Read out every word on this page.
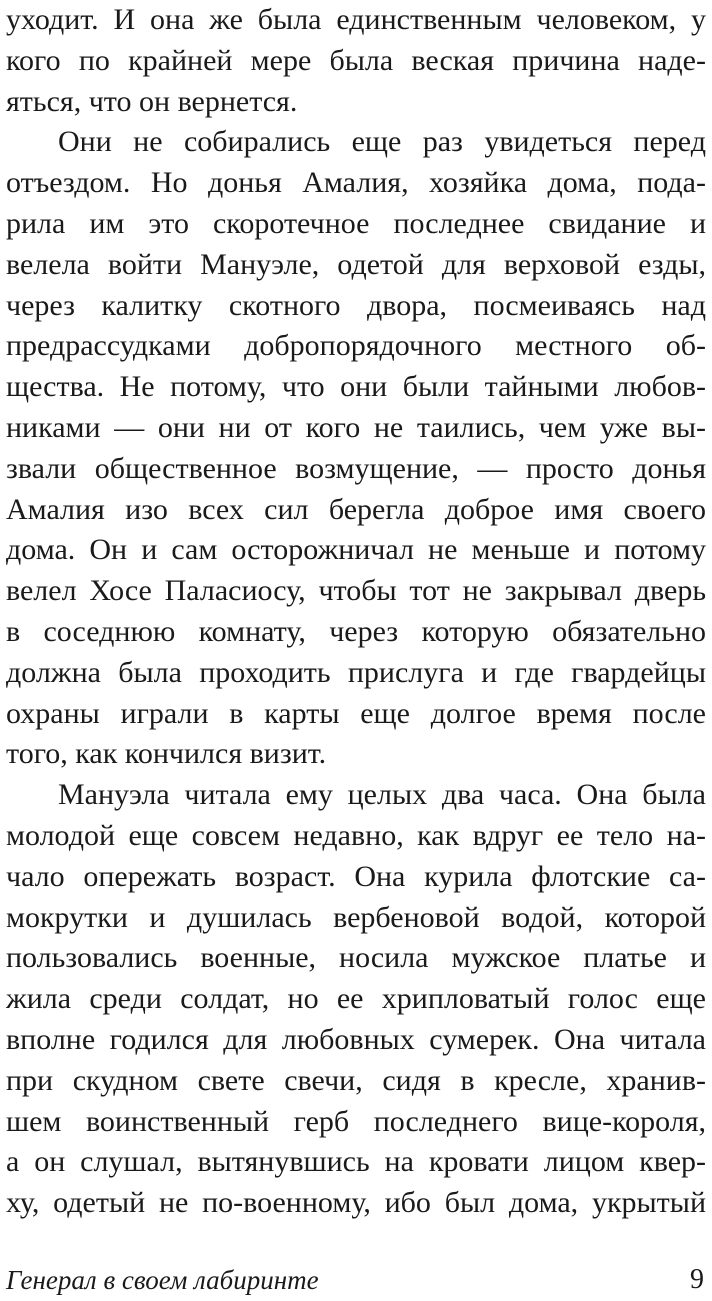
уходит. И она же была единственным человеком, у
кого по крайней мере была веская причина наде-
яться, что он вернется.
Они не собирались еще раз увидеться перед
отъездом. Но донья Амалия, хозяйка дома, пода-
рила им это скоротечное последнее свидание и
велела войти Мануэле, одетой для верховой езды,
через калитку скотного двора, посмеиваясь над
предрассудками добропорядочного местного об-
щества. Не потому, что они были тайными любов-
никами — они ни от кого не таились, чем уже вы-
звали общественное возмущение, — просто донья
Амалия изо всех сил берегла доброе имя своего
дома. Он и сам осторожничал не меньше и потому
велел Хосе Паласиосу, чтобы тот не закрывал дверь
в соседнюю комнату, через которую обязательно
должна была проходить прислуга и где гвардейцы
охраны играли в карты еще долгое время после
того, как кончился визит.
Мануэла читала ему целых два часа. Она была
молодой еще совсем недавно, как вдруг ее тело на-
чало опережать возраст. Она курила флотские са-
мокрутки и душилась вербеновой водой, которой
пользовались военные, носила мужское платье и
жила среди солдат, но ее хрипловатый голос еще
вполне годился для любовных сумерек. Она читала
при скудном свете свечи, сидя в кресле, хранив-
шем воинственный герб последнего вице-короля,
а он слушал, вытянувшись на кровати лицом квер-
ху, одетый не по-военному, ибо был дома, укрытый
Генерал в своем лабиринте	9
